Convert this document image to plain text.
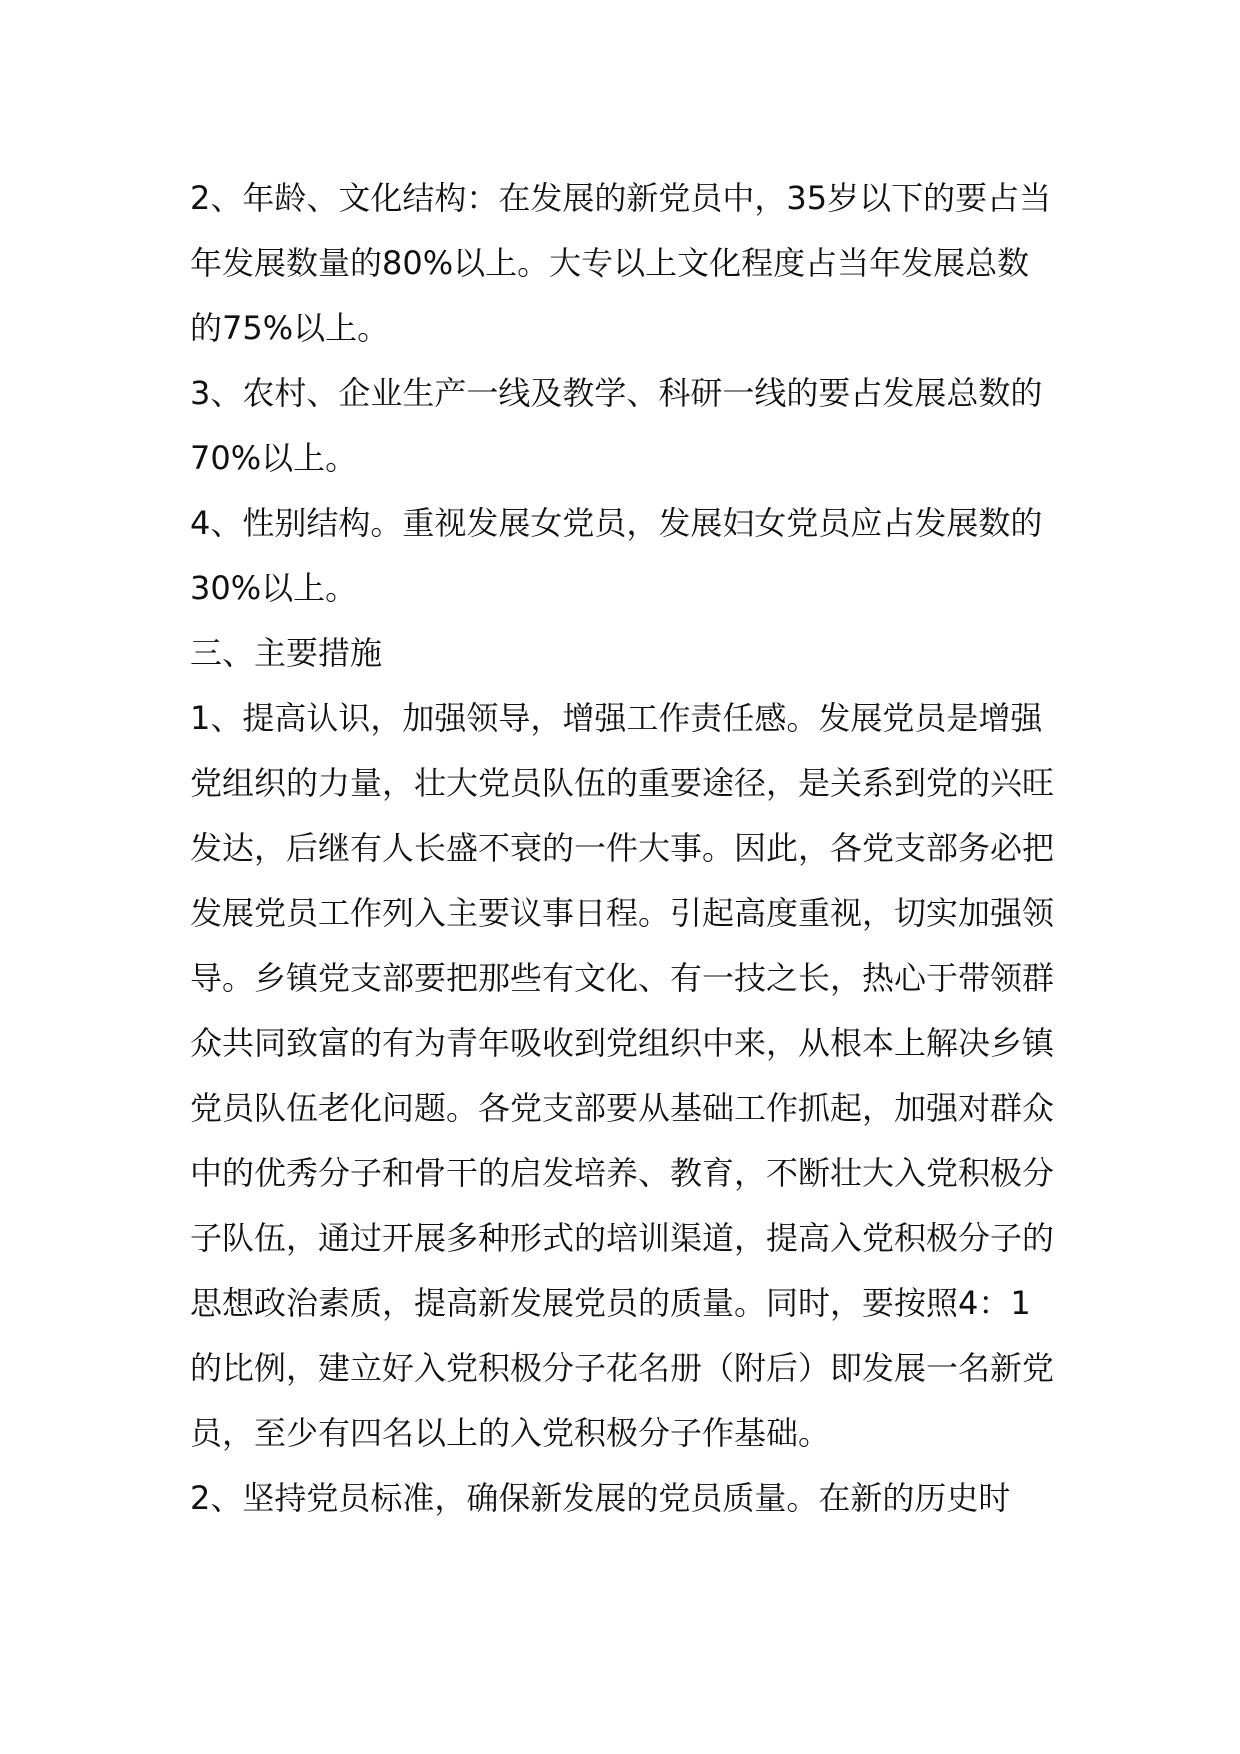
2、年龄、文化结构：在发展的新党员中，35岁以下的要占当年发展数量的80%以上。大专以上文化程度占当年发展总数的75%以上。

3、农村、企业生产一线及教学、科研一线的要占发展总数的70%以上。

4、性别结构。重视发展女党员，发展妇女党员应占发展数的30%以上。

三、主要措施

1、提高认识，加强领导，增强工作责任感。发展党员是增强党组织的力量，壮大党员队伍的重要途径，是关系到党的兴旺发达，后继有人长盛不衰的一件大事。因此，各党支部务必把发展党员工作列入主要议事日程。引起高度重视，切实加强领导。乡镇党支部要把那些有文化、有一技之长，热心于带领群众共同致富的有为青年吸收到党组织中来，从根本上解决乡镇党员队伍老化问题。各党支部要从基础工作抓起，加强对群众中的优秀分子和骨干的启发培养、教育，不断壮大入党积极分子队伍，通过开展多种形式的培训渠道，提高入党积极分子的思想政治素质，提高新发展党员的质量。同时，要按照4：1的比例，建立好入党积极分子花名册（附后）即发展一名新党员，至少有四名以上的入党积极分子作基础。

2、坚持党员标准，确保新发展的党员质量。在新的历史时
